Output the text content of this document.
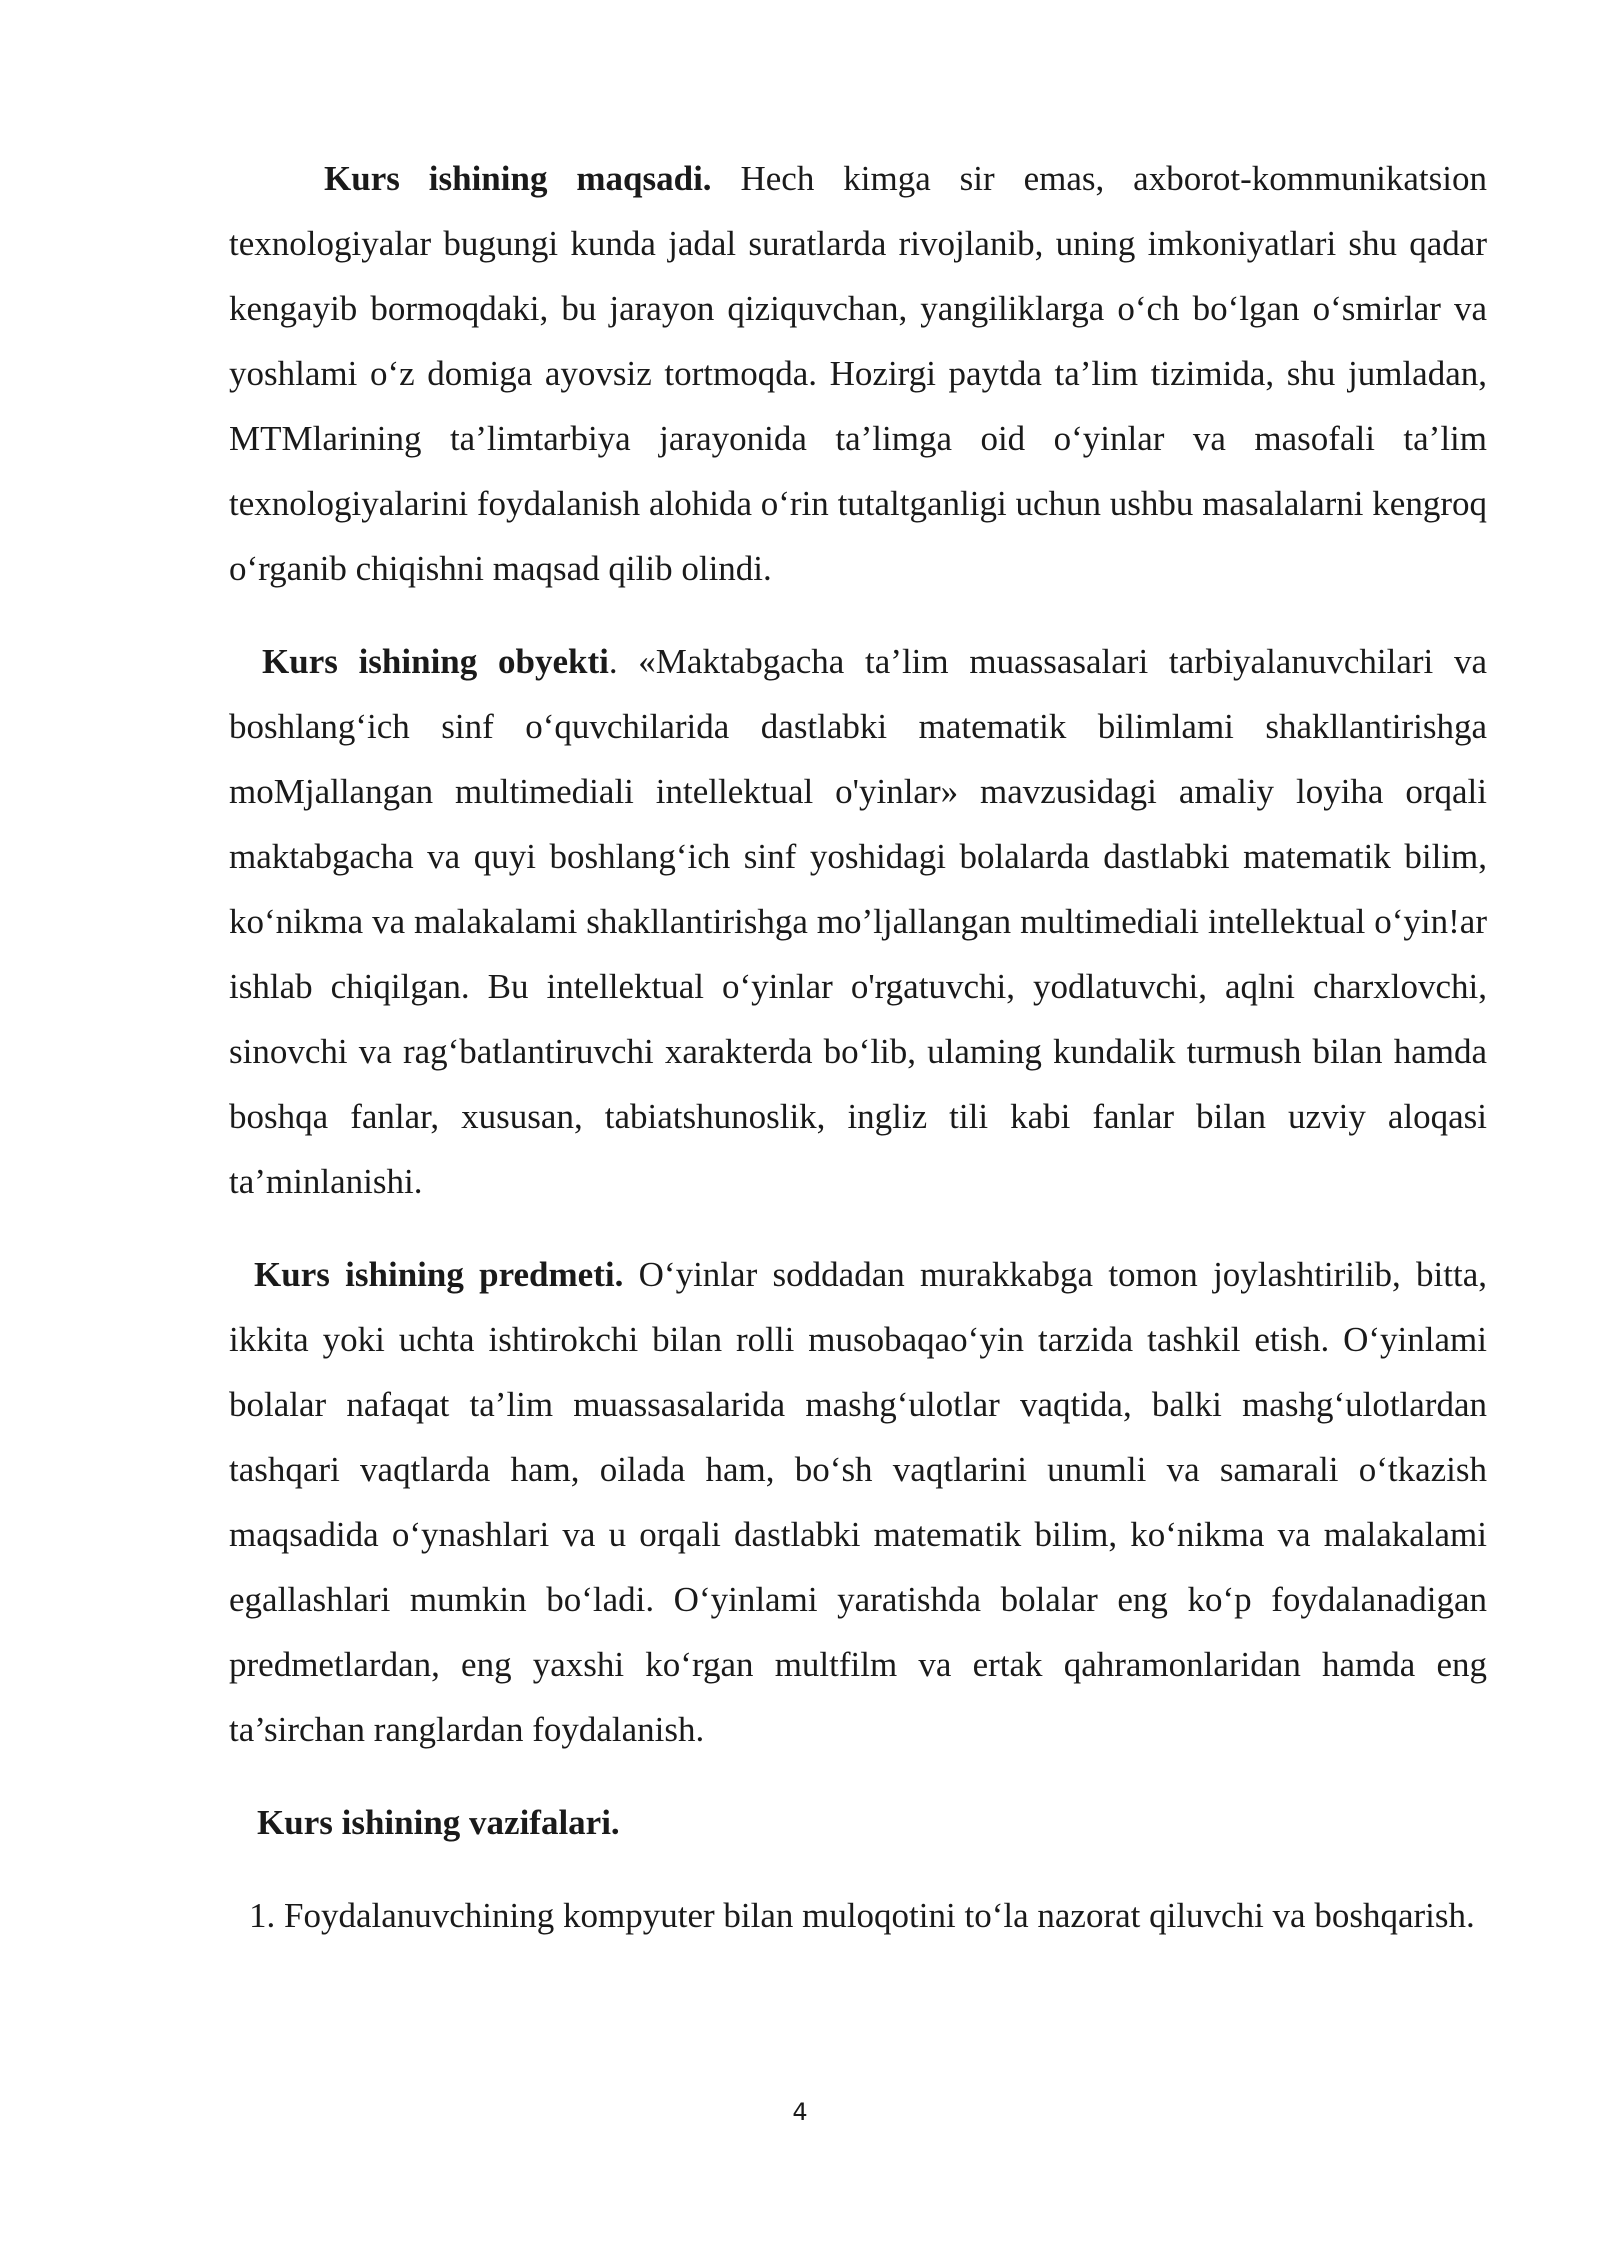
Kurs ishining maqsadi. Hech kimga sir emas, axborot-kommunikatsion texnologiyalar bugungi kunda jadal suratlarda rivojlanib, uning imkoniyatlari shu qadar kengayib bormoqdaki, bu jarayon qiziquvchan, yangiliklarga o‘ch bo‘lgan o‘smirlar va yoshlami o‘z domiga ayovsiz tortmoqda. Hozirgi paytda ta’lim tizimida, shu jumladan, MTMlarining ta’limtarbiya jarayonida ta’limga oid o‘yinlar va masofali ta’lim texnologiyalarini foydalanish alohida o‘rin tutaltganligi uchun ushbu masalalarni kengroq o‘rganib chiqishni maqsad qilib olindi.

Kurs ishining obyekti. «Maktabgacha ta’lim muassasalari tarbiyalanuvchilari va boshlang‘ich sinf o‘quvchilarida dastlabki matematik bilimlami shakllantirishga moMjallangan multimediali intellektual o'yinlar» mavzusidagi amaliy loyiha orqali maktabgacha va quyi boshlang‘ich sinf yoshidagi bolalarda dastlabki matematik bilim, ko‘nikma va malakalami shakllantirishga mo’ljallangan multimediali intellektual o‘yin!ar ishlab chiqilgan. Bu intellektual o‘yinlar o'rgatuvchi, yodlatuvchi, aqlni charxlovchi, sinovchi va rag‘batlantiruvchi xarakterda bo‘lib, ulaming kundalik turmush bilan hamda boshqa fanlar, xususan, tabiatshunoslik, ingliz tili kabi fanlar bilan uzviy aloqasi ta’minlanishi.

Kurs ishining predmeti. O‘yinlar soddadan murakkabga tomon joylashtirilib, bitta, ikkita yoki uchta ishtirokchi bilan rolli musobaqao‘yin tarzida tashkil etish. O‘yinlami bolalar nafaqat ta’lim muassasalarida mashg‘ulotlar vaqtida, balki mashg‘ulotlardan tashqari vaqtlarda ham, oilada ham, bo‘sh vaqtlarini unumli va samarali o‘tkazish maqsadida o‘ynashlari va u orqali dastlabki matematik bilim, ko‘nikma va malakalami egallashlari mumkin bo‘ladi. O‘yinlami yaratishda bolalar eng ko‘p foydalanadigan predmetlardan, eng yaxshi ko‘rgan multfilm va ertak qahramonlaridan hamda eng ta’sirchan ranglardan foydalanish.

Kurs ishining vazifalari.

1. Foydalanuvchining kompyuter bilan muloqotini to‘la nazorat qiluvchi va boshqarish.

4
